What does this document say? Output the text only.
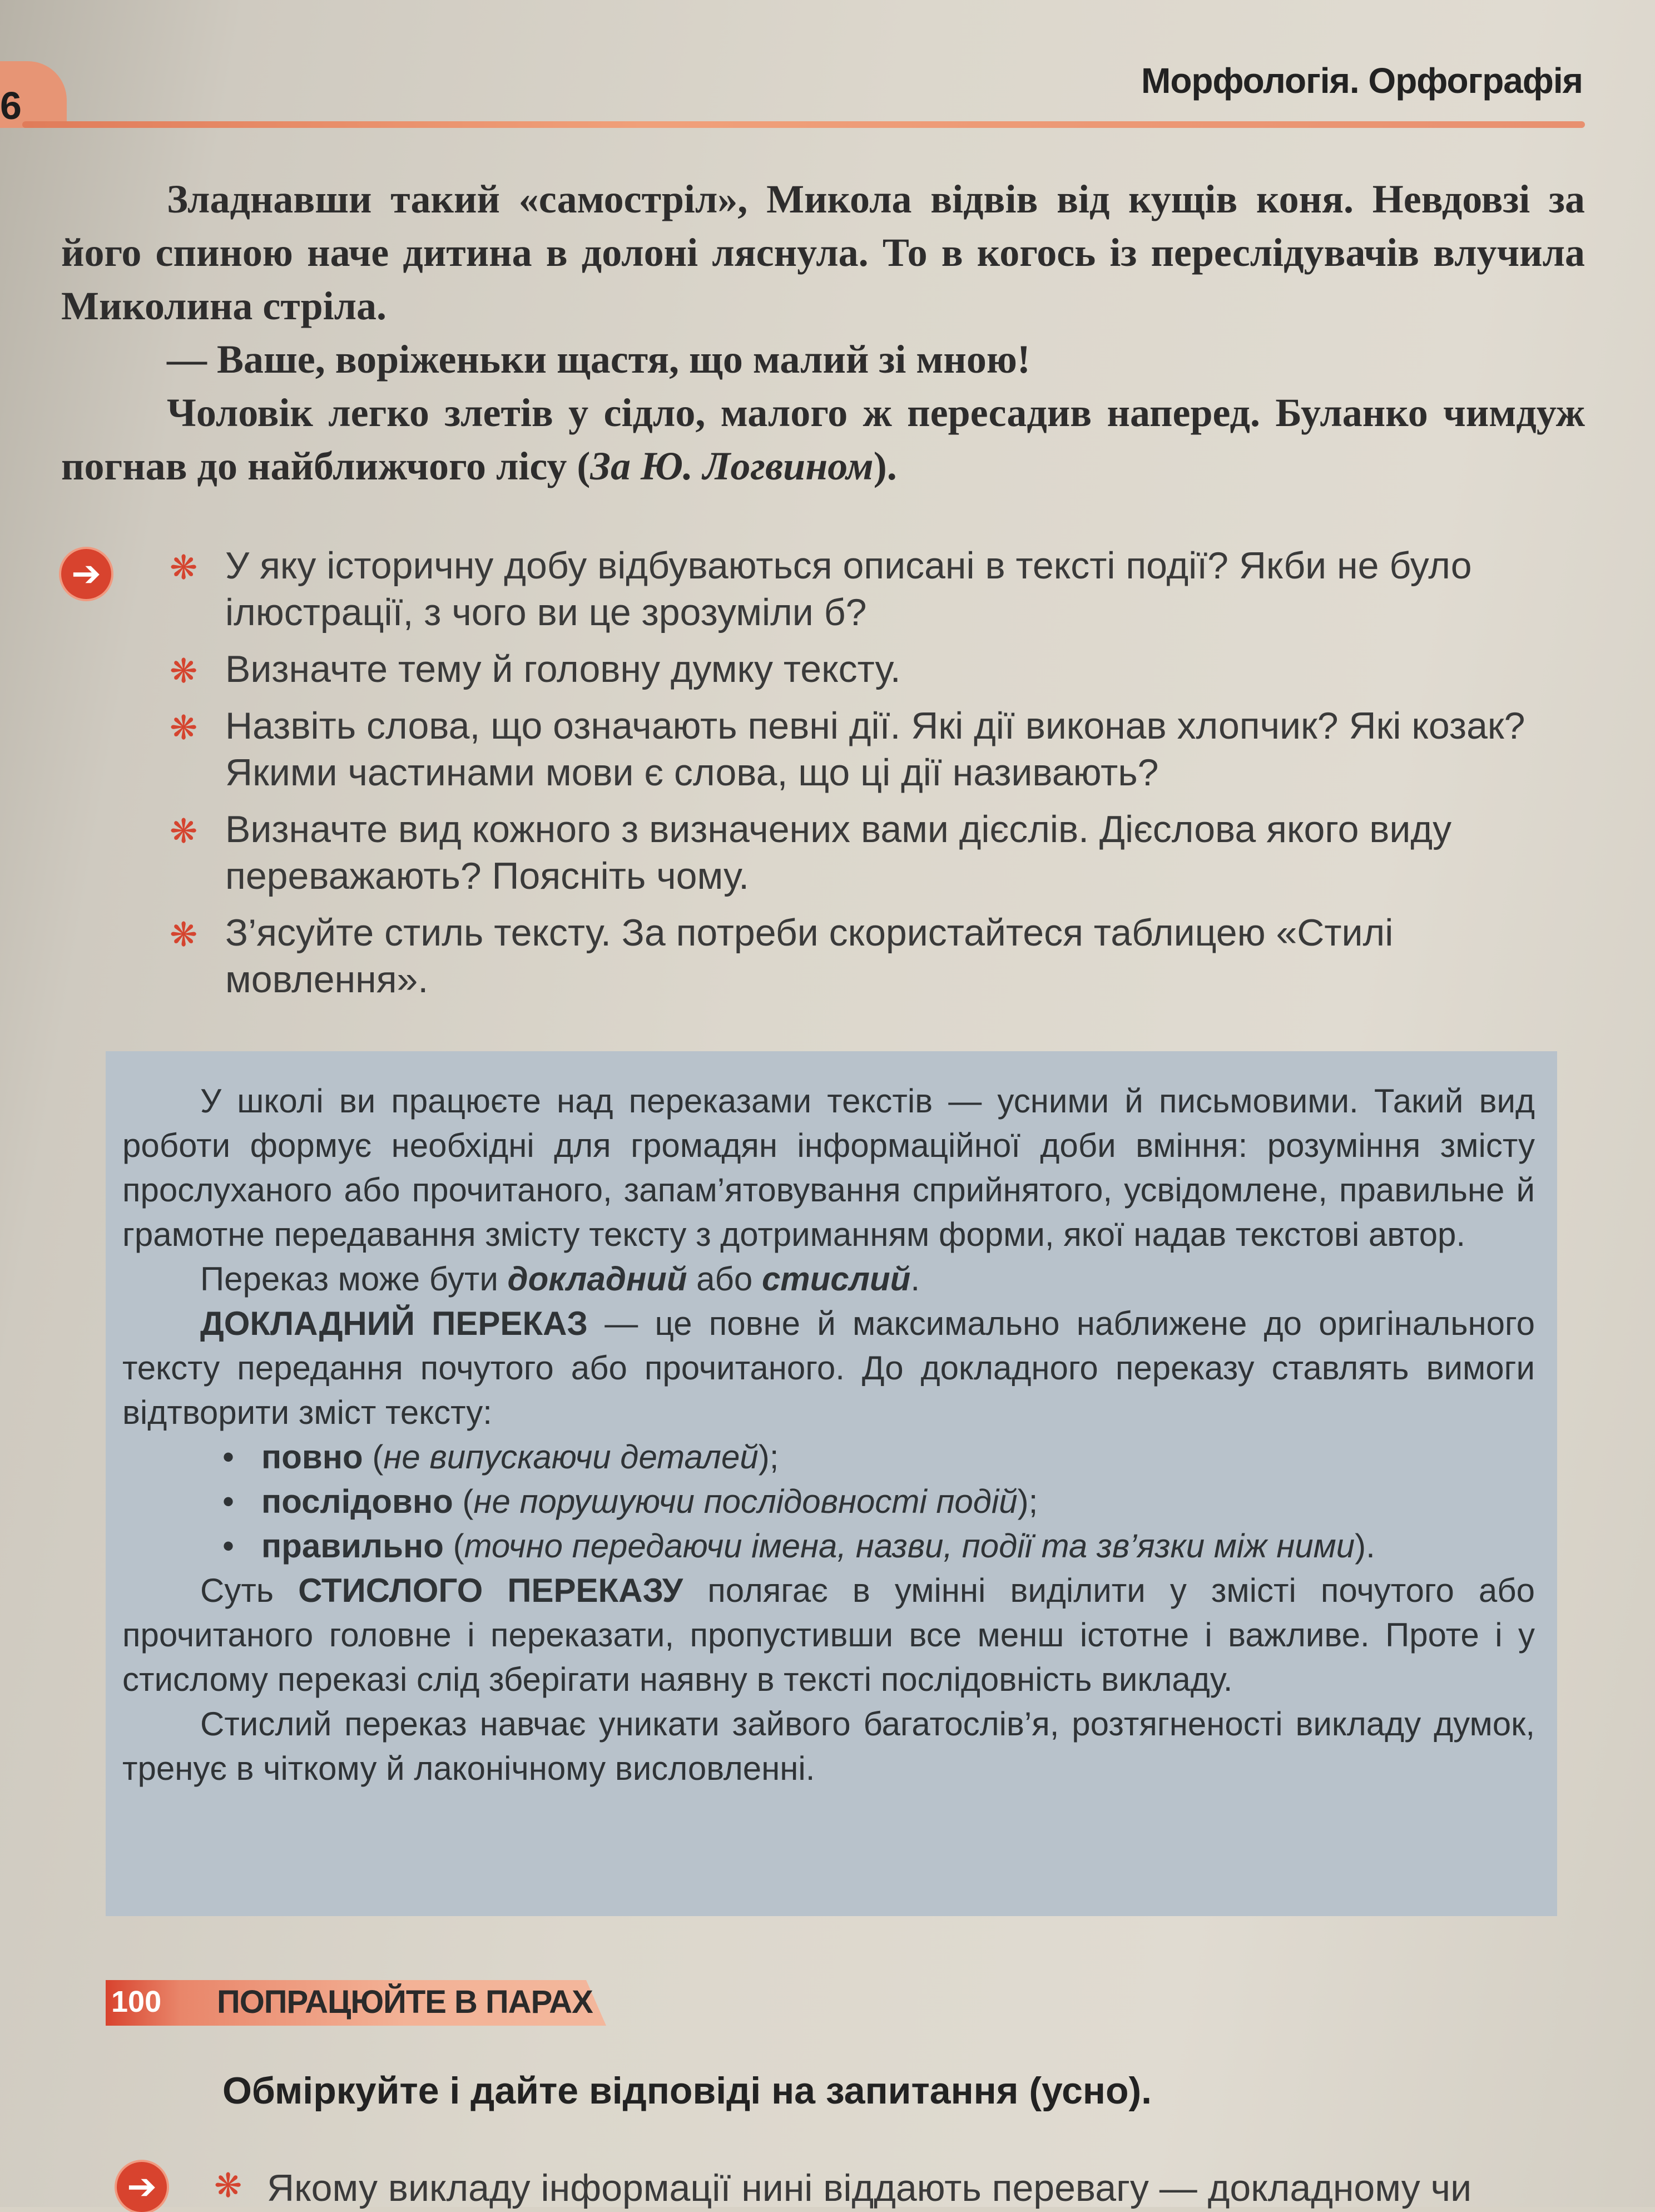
6
Морфологія. Орфографія

Зладнавши такий «самостріл», Микола відвів від кущів коня. Невдовзі за його спиною наче дитина в долоні ляснула. То в когось із переслідувачів влучила Миколина стріла.

— Ваше, воріженьки щастя, що малий зі мною!

Чоловік легко злетів у сідло, малого ж пересадив наперед. Буланко чимдуж погнав до найближчого лісу (За Ю. Логвином).

➔	❋ У яку історичну добу відбуваються описані в тексті події? Якби не було ілюстрації, з чого ви це зрозуміли б?
❋ Визначте тему й головну думку тексту.
❋ Назвіть слова, що означають певні дії. Які дії виконав хлопчик? Які козак? Якими частинами мови є слова, що ці дії називають?
❋ Визначте вид кожного з визначених вами дієслів. Дієслова якого виду переважають? Поясніть чому.
❋ З’ясуйте стиль тексту. За потреби скористайтеся таблицею «Стилі мовлення».

У школі ви працюєте над переказами текстів — усними й письмовими. Такий вид роботи формує необхідні для громадян інформаційної доби вміння: розуміння змісту прослуханого або прочитаного, запам’ятовування сприйнятого, усвідомлене, правильне й грамотне передавання змісту тексту з дотриманням форми, якої надав текстові автор.

Переказ може бути докладний або стислий.

ДОКЛАДНИЙ ПЕРЕКАЗ — це повне й максимально наближене до оригінального тексту передання почутого або прочитаного. До докладного переказу ставлять вимоги відтворити зміст тексту:

• повно (не випускаючи деталей);
• послідовно (не порушуючи послідовності подій);
• правильно (точно передаючи імена, назви, події та зв’язки між ними).

Суть СТИСЛОГО ПЕРЕКАЗУ полягає в умінні виділити у змісті почутого або прочитаного головне і переказати, пропустивши все менш істотне і важливе. Проте і у стислому переказі слід зберігати наявну в тексті послідовність викладу.

Стислий переказ навчає уникати зайвого багатослів’я, розтягненості викладу думок, тренує в чіткому й лаконічному висловленні.

100 ПОПРАЦЮЙТЕ В ПАРАХ
Обміркуйте і дайте відповіді на запитання (усно).
➔	❋ Якому викладу інформації нині віддають перевагу — докладному чи
